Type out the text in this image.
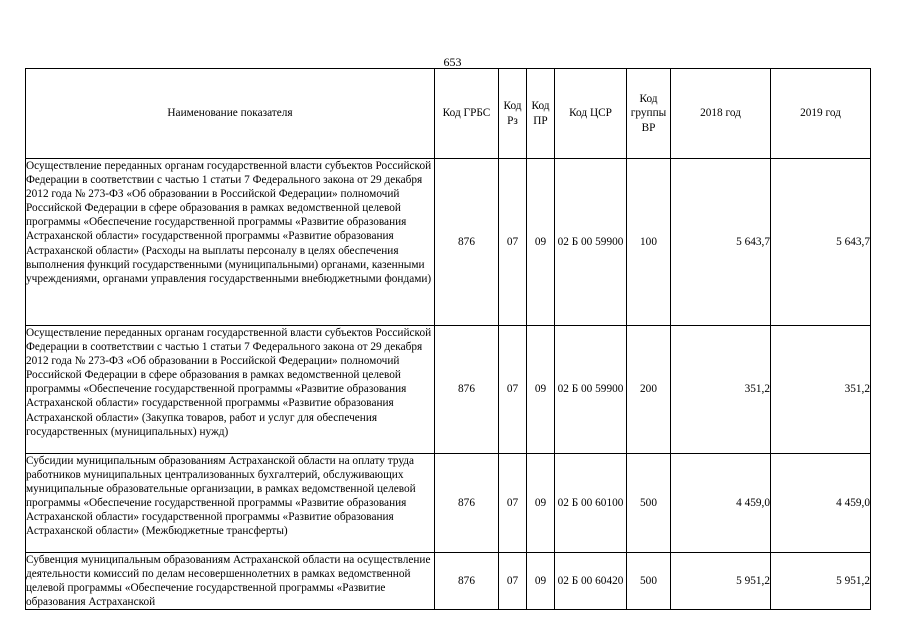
653
Наименование показателя	Код ГРБС	Код Рз	Код ПР	Код ЦСР	Код группы ВР	2018 год	2019 год
Осуществление переданных органам государственной власти субъектов Российской Федерации в соответствии с частью 1 статьи 7 Федерального закона от 29 декабря 2012 года № 273-ФЗ «Об образовании в Российской Федерации» полномочий Российской Федерации в сфере образования в рамках ведомственной целевой программы «Обеспечение государственной программы «Развитие образования Астраханской области» государственной программы «Развитие образования Астраханской области» (Расходы на выплаты персоналу в целях обеспечения выполнения функций государственными (муниципальными) органами, казенными учреждениями, органами управления государственными внебюджетными фондами)	876	07	09	02 Б 00 59900	100	5 643,7	5 643,7
Осуществление переданных органам государственной власти субъектов Российской Федерации в соответствии с частью 1 статьи 7 Федерального закона от 29 декабря 2012 года № 273-ФЗ «Об образовании в Российской Федерации» полномочий Российской Федерации в сфере образования в рамках ведомственной целевой программы «Обеспечение государственной программы «Развитие образования Астраханской области» государственной программы «Развитие образования Астраханской области» (Закупка товаров, работ и услуг для обеспечения государственных (муниципальных) нужд)	876	07	09	02 Б 00 59900	200	351,2	351,2
Субсидии муниципальным образованиям Астраханской области на оплату труда работников муниципальных централизованных бухгалтерий, обслуживающих муниципальные образовательные организации, в рамках ведомственной целевой программы «Обеспечение государственной программы «Развитие образования Астраханской области» государственной программы «Развитие образования Астраханской области» (Межбюджетные трансферты)	876	07	09	02 Б 00 60100	500	4 459,0	4 459,0
Субвенция муниципальным образованиям Астраханской области на осуществление деятельности комиссий по делам несовершеннолетних в рамках ведомственной целевой программы «Обеспечение государственной программы «Развитие образования Астраханской	876	07	09	02 Б 00 60420	500	5 951,2	5 951,2
